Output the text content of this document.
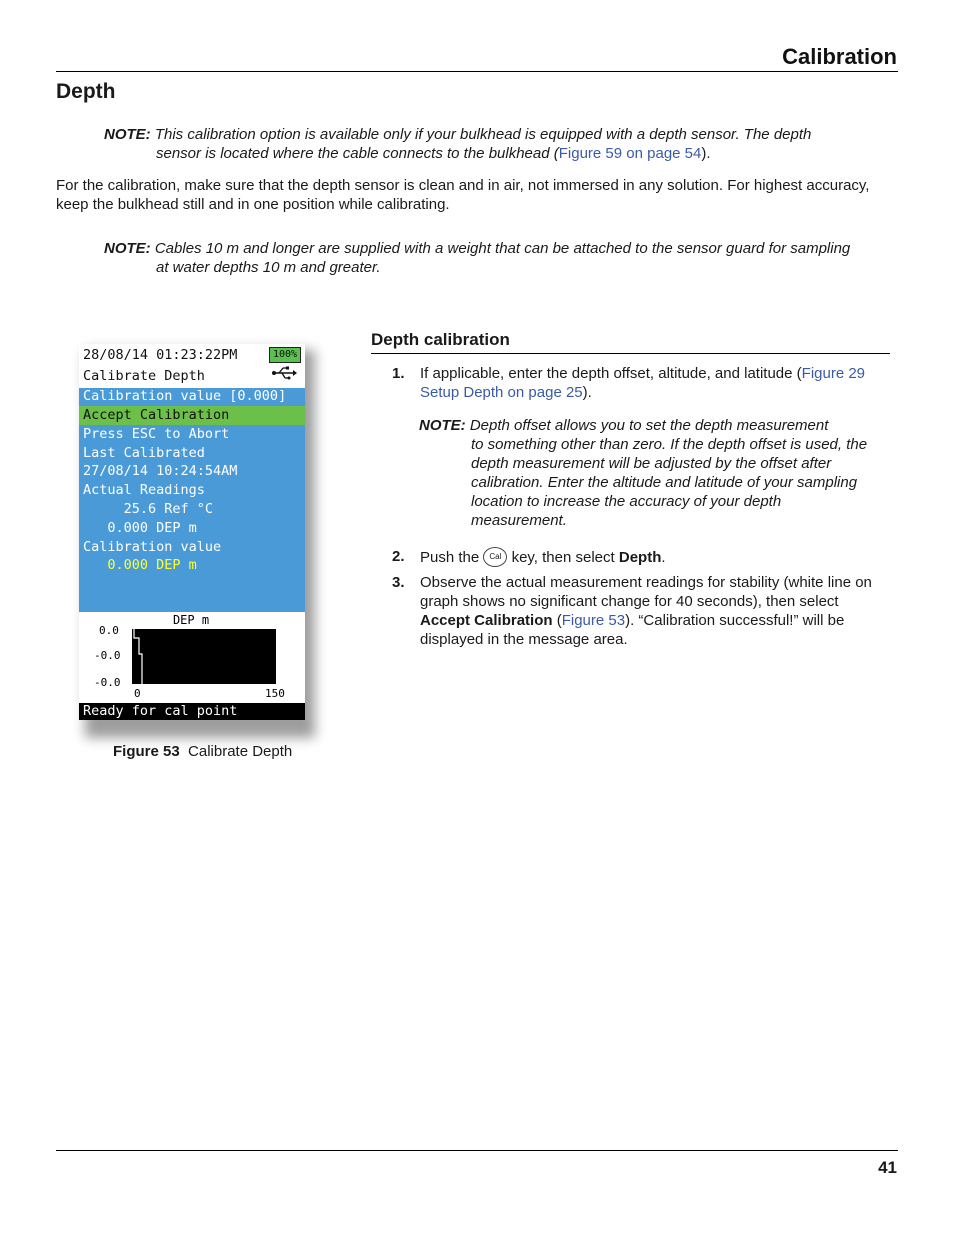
Calibration
Depth
NOTE: This calibration option is available only if your bulkhead is equipped with a depth sensor. The depth
sensor is located where the cable connects to the bulkhead (Figure 59 on page 54).
For the calibration, make sure that the depth sensor is clean and in air, not immersed in any solution. For highest accuracy, keep the bulkhead still and in one position while calibrating.
NOTE: Cables 10 m and longer are supplied with a weight that can be attached to the sensor guard for sampling
at water depths 10 m and greater.
28/08/14 01:23:22PM	100%
Calibrate Depth
Calibration value [0.000]
Accept Calibration
Press ESC to Abort
Last Calibrated
27/08/14 10:24:54AM
Actual Readings
25.6 Ref °C
0.000 DEP m
Calibration value
0.000 DEP m
DEP m
0.0
-0.0
-0.0
0	150
Ready for cal point
Figure 53 Calibrate Depth
Depth calibration
1. If applicable, enter the depth offset, altitude, and latitude (Figure 29 Setup Depth on page 25).
NOTE: Depth offset allows you to set the depth measurement
to something other than zero. If the depth offset is used, the depth measurement will be adjusted by the offset after calibration. Enter the altitude and latitude of your sampling location to increase the accuracy of your depth measurement.
2. Push the Cal key, then select Depth.
3. Observe the actual measurement readings for stability (white line on graph shows no significant change for 40 seconds), then select Accept Calibration (Figure 53). “Calibration successful!” will be displayed in the message area.
41
